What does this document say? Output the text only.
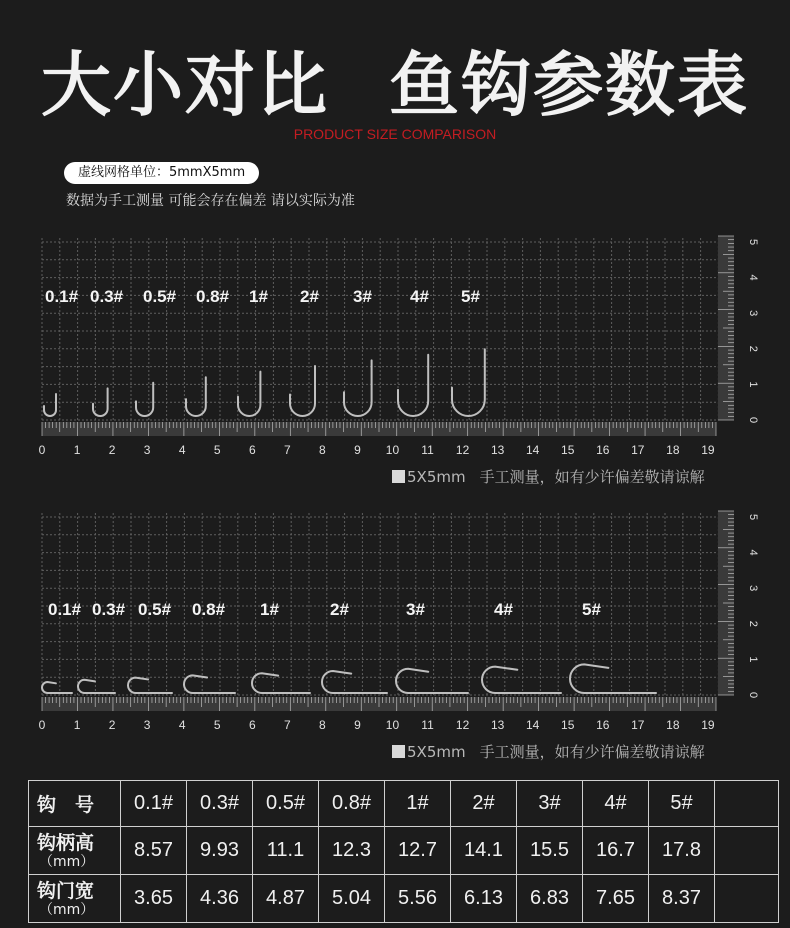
大小对比 鱼钩参数表
PRODUCT SIZE COMPARISON
虚线网格单位：5mmX5mm
数据为手工测量 可能会存在偏差 请以实际为准
0 1 2 3 4 5 6 7 8 9 10 11 12 13 14 15 16 17 18 19
5
4
3
2
1
0
0.1# 0.3# 0.5# 0.8# 1# 2# 3# 4# 5#
5X5mm 手工测量，如有少许偏差敬请谅解
0 1 2 3 4 5 6 7 8 9 10 11 12 13 14 15 16 17 18 19
5
4
3
2
1
0
0.1# 0.3# 0.5# 0.8# 1#	2#	3#	4#	5#
5X5mm 手工测量，如有少许偏差敬请谅解
钩　号	0.1#	0.3#	0.5#	0.8#	1#	2#	3#	4#	5#	

钩柄高
（mm）	8.57	9.93	11.1	12.3	12.7	14.1	15.5	16.7	17.8	

钩门宽
（mm）	3.65	4.36	4.87	5.04	5.56	6.13	6.83	7.65	8.37	
